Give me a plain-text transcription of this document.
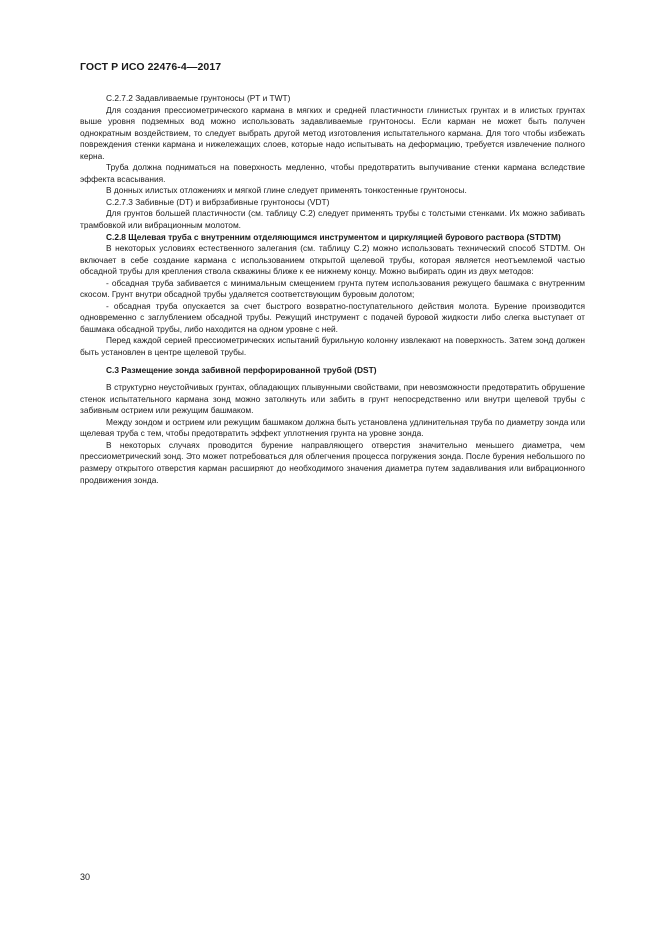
ГОСТ Р ИСО 22476-4—2017

С.2.7.2 Задавливаемые грунтоносы (PT и TWT)

Для создания прессиометрического кармана в мягких и средней пластичности глинистых грунтах и в илистых грунтах выше уровня подземных вод можно использовать задавливаемые грунтоносы. Если карман не может быть получен однократным воздействием, то следует выбрать другой метод изготовления испытательного кармана. Для того чтобы избежать повреждения стенки кармана и нижележащих слоев, которые надо испытывать на деформацию, требуется извлечение полного керна.

Труба должна подниматься на поверхность медленно, чтобы предотвратить выпучивание стенки кармана вследствие эффекта всасывания.

В донных илистых отложениях и мягкой глине следует применять тонкостенные грунтоносы.

С.2.7.3 Забивные (DT) и вибрзабивные грунтоносы (VDT)

Для грунтов большей пластичности (см. таблицу С.2) следует применять трубы с толстыми стенками. Их можно забивать трамбовкой или вибрационным молотом.

С.2.8 Щелевая труба с внутренним отделяющимся инструментом и циркуляцией бурового раствора (STDTM)

В некоторых условиях естественного залегания (см. таблицу С.2) можно использовать технический способ STDTM. Он включает в себе создание кармана с использованием открытой щелевой трубы, которая является неотъемлемой частью обсадной трубы для крепления ствола скважины ближе к ее нижнему концу. Можно выбирать один из двух методов:

- обсадная труба забивается с минимальным смещением грунта путем использования режущего башмака с внутренним скосом. Грунт внутри обсадной трубы удаляется соответствующим буровым долотом;

- обсадная труба опускается за счет быстрого возвратно-поступательного действия молота. Бурение производится одновременно с заглублением обсадной трубы. Режущий инструмент с подачей буровой жидкости либо слегка выступает от башмака обсадной трубы, либо находится на одном уровне с ней.

Перед каждой серией прессиометрических испытаний бурильную колонну извлекают на поверхность. Затем зонд должен быть установлен в центре щелевой трубы.

С.3 Размещение зонда забивной перфорированной трубой (DST)

В структурно неустойчивых грунтах, обладающих плывунными свойствами, при невозможности предотвратить обрушение стенок испытательного кармана зонд можно затолкнуть или забить в грунт непосредственно или внутри щелевой трубы с забивным острием или режущим башмаком.

Между зондом и острием или режущим башмаком должна быть установлена удлинительная труба по диаметру зонда или щелевая труба с тем, чтобы предотвратить эффект уплотнения грунта на уровне зонда.

В некоторых случаях проводится бурение направляющего отверстия значительно меньшего диаметра, чем прессиометрический зонд. Это может потребоваться для облегчения процесса погружения зонда. После бурения небольшого по размеру открытого отверстия карман расширяют до необходимого значения диаметра путем задавливания или вибрационного продвижения зонда.

30
